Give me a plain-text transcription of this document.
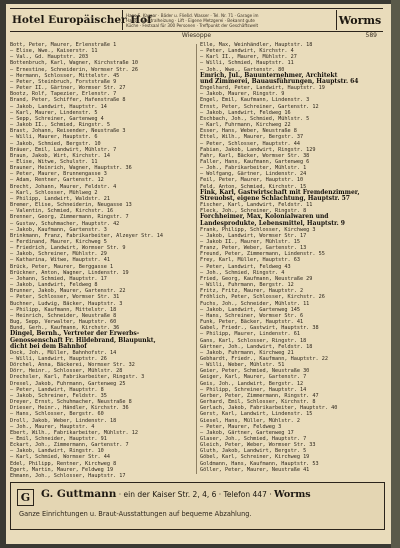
Hotel Europäischer Hof
Hans S. Kaspar · Bäder u. Fließd. Wasser · Tel. Nr. 71 · Garage im
Hause · Zentralheizung · Lift · Eigene Metzgerei · Bekannt gute
Küche · Festsaal für 300 Personen · Treffpunkt der Geschäftswelt	Worms
Wiesoppe	589
Bott, Peter, Maurer, Erlenstraße 1
– Elise, Wwe., Kaiserstr. 11
– Val., Gd. Hauptstr. 203
Bottenbruch, Karl, Wagner, Kirchstraße 10
– Ernestine, Schneiderin, Wormser Str. 26
– Hermann, Schlosser, Mittelstr. 45
– Peter, Steinbruch, Forststraße 9
– Peter II., Gärtner, Wormser Str. 27
Bootz, Rolf, Tapezier, Erlenstr. 7
Brand, Peter, Schiffer, Hafenstraße 8
– Jakob, Landwirt, Hauptstr. 14
– Karl, Maurer, Lindenstr. 5
– Sepp, Schreiner, Gartenweg 4
– Jakob II., Schmied, Ringstr. 5
Brast, Johann, Reisender, Neustraße 3
– Willi, Maurer, Hauptstr. 6
– Jakob, Schmied, Bergstr. 10
Bräuer, Emil, Landwirt, Mühlstr. 7
Braun, Jakob, Wirt, Kirchstr. 14
– Elise, Witwe, Schulstr. 11
Brauner, Heinrich, Wagner, Hauptstr. 36
– Peter, Maurer, Brunnengasse 3
– Adam, Rentner, Gartenstr. 12
Brecht, Johann, Maurer, Feldstr. 4
– Karl, Schlosser, Mühlweg 2
– Philipp, Landwirt, Waldstr. 21
Bremer, Elise, Schneiderin, Neugasse 13
– Valentin, Schmied, Kirchstr. 16
Brenner, Georg, Zimmermann, Ringstr. 7
– Gustav, Schuhmacher, Hauptstr. 42
– Jakob, Kaufmann, Gartenstr. 3
Brinkmann, Franz, Fabrikarbeiter, Alzeyer Str. 14
– Ferdinand, Maurer, Kirchweg 5
– Friedrich, Landwirt, Wormser Str. 9
– Jakob, Schreiner, Mühlstr. 29
– Katharina, Witwe, Hauptstr. 41
Brück, Peter, Maurer, Berggasse 1
Brückner, Anton, Wagner, Lindenstr. 19
– Johann, Schmied, Hauptstr. 17
– Jakob, Landwirt, Feldweg 8
Brunner, Jakob, Maurer, Gartenstr. 22
– Peter, Schlosser, Wormser Str. 31
Buchner, Ludwig, Bäcker, Hauptstr. 3
– Philipp, Kaufmann, Mittelstr. 18
– Heinrich, Schneider, Neustraße 8
Bug, Sepp, Verwalter, Hauptstr. 60
Bund, Gerh., Kaufmann, Kirchstr. 36
Dingel, Bernh., Vertreter der Erwerbs-
Genossenschaft Fr. Hildebrand, Blaupunkt,
dicht bei dem Bahnhof
Dock, Joh., Müller, Bahnhofstr. 14
– Willi, Landwirt, Hauptstr. 26
Dörchel, Anna, Bäckerei, Wormser Str. 32
Dörr, Heinr., Schlosser, Mühlstr. 28
Drechsler, Karl, Fabrikarbeiter, Ringstr. 3
Drexel, Jakob, Fuhrmann, Gartenweg 25
– Peter, Landwirt, Hauptstr. 8
– Jakob, Schreiner, Feldstr. 35
Dreyer, Ernst, Schuhmacher, Neustraße 8
Drieser, Heinr., Händler, Kirchstr. 36
– Hans, Schlosser, Bergstr. 60
Droll, Jakob, Weber, Lindenstr. 18
– Joh., Maurer, Hauptstr. 4
Ebert, Wilh., Fabrikarbeiter, Mühlstr. 12
– Emil, Schneider, Hauptstr. 91
Eckart, Joh., Zimmermann, Gartenstr. 7
– Jakob, Landwirt, Ringstr. 10
– Karl, Schmied, Wormser Str. 44
Edel, Philipp, Rentner, Kirchweg 8
Egert, Martin, Maurer, Feldweg 19
Ehmann, Joh., Schlosser, Hauptstr. 17
Elle, Max, Weinhändler, Hauptstr. 18
– Peter, Landwirt, Kirchstr. 4
– Karl II., Maurer, Mühlstr. 27
– Willi, Schmied, Hauptstr. 11
– Joh., Wwe., Gartenstr. 80
Emrich, Jul., Bauunternehmer, Architekt
und Zimmerei, Bauausführungen, Hauptstr. 64
Engelhard, Peter, Landwirt, Hauptstr. 19
– Jakob, Maurer, Ringstr. 9
Engel, Emil, Kaufmann, Lindenstr. 3
Ernst, Peter, Schreiner, Gartenstr. 12
– Jakob, Landwirt, Feldweg 16
Eschbach, Joh., Schmied, Mühlstr. 5
– Karl, Fuhrmann, Kirchweg 22
Esser, Hans, Weber, Neustraße 8
Ettel, Wilh., Maurer, Bergstr. 37
– Peter, Schlosser, Hauptstr. 44
Fabian, Jakob, Landwirt, Ringstr. 129
Fahr, Karl, Bäcker, Wormser Str. 38
Faller, Hans, Kaufmann, Gartenweg 6
– Joh., Fabrikarbeiter, Mühlstr. 1
– Wolfgang, Gärtner, Lindenstr. 24
Feil, Peter, Maurer, Hauptstr. 10
Feld, Anton, Schmied, Kirchstr. 15
Fink, Karl, Gastwirtschaft mit Fremdenzimmer,
Streuobst, eigene Schlachtung, Hauptstr. 57
Fischer, Karl, Landwirt, Feldstr. 11
Fleck, Joh., Schreiner, Ringstr. 8
Forchheimer, Max, Kolonialwaren und
Landesprodukte, Lebensmittel, Hauptstr. 9
Frank, Philipp, Schlosser, Kirchweg 3
– Jakob, Landwirt, Wormser Str. 17
– Jakob II., Maurer, Mühlstr. 15
Franz, Peter, Weber, Gartenstr. 13
Freund, Peter, Zimmermann, Lindenstr. 55
Frey, Karl, Müller, Hauptstr. 63
– Peter, Landwirt, Feldweg 43
– Joh., Schmied, Ringstr. 4
Fried, Georg, Kaufmann, Neustraße 29
– Willi, Fuhrmann, Bergstr. 12
Fritz, Fritz, Maurer, Hauptstr. 2
Fröhlich, Peter, Schlosser, Kirchstr. 26
Fuchs, Joh., Schneider, Mühlstr. 11
– Jakob, Landwirt, Gartenweg 145
– Hans, Schreiner, Wormser Str. 6
Funk, Peter, Bäcker, Hauptstr. 41
Gabel, Friedr., Gastwirt, Hauptstr. 38
– Philipp, Maurer, Lindenstr. 61
Gans, Karl, Schlosser, Ringstr. 18
Gärtner, Joh., Landwirt, Feldstr. 18
– Jakob, Fuhrmann, Kirchweg 21
Gebhardt, Friedr., Kaufmann, Hauptstr. 22
– Willi, Weber, Mühlstr. 51
Geier, Peter, Schmied, Neustraße 30
Geiger, Karl, Maurer, Gartenstr. 7
Geis, Joh., Landwirt, Bergstr. 12
– Philipp, Schreiner, Hauptstr. 14
Gerber, Peter, Zimmermann, Ringstr. 47
Gerhard, Emil, Schlosser, Kirchstr. 8
Gerlach, Jakob, Fabrikarbeiter, Hauptstr. 40
Gerst, Karl, Landwirt, Lindenstr. 15
Giesel, Hans, Müller, Mühlstr. 2
– Peter, Maurer, Feldweg 3
– Jakob, Gärtner, Gartenweg 17
Glaser, Joh., Schmied, Hauptstr. 7
Gleich, Peter, Weber, Wormser Str. 33
Gluth, Jakob, Landwirt, Bergstr. 5
Göbel, Karl, Schreiner, Kirchweg 19
Goldmann, Hans, Kaufmann, Hauptstr. 53
Göller, Peter, Maurer, Neustraße 41
G	G. Guttmann · ein der Kaiser Str. 2, 4, 6 · Telefon 447 · Worms
Ganze Einrichtungen u. Braut-Ausstattungen auf bequeme Abzahlung.
